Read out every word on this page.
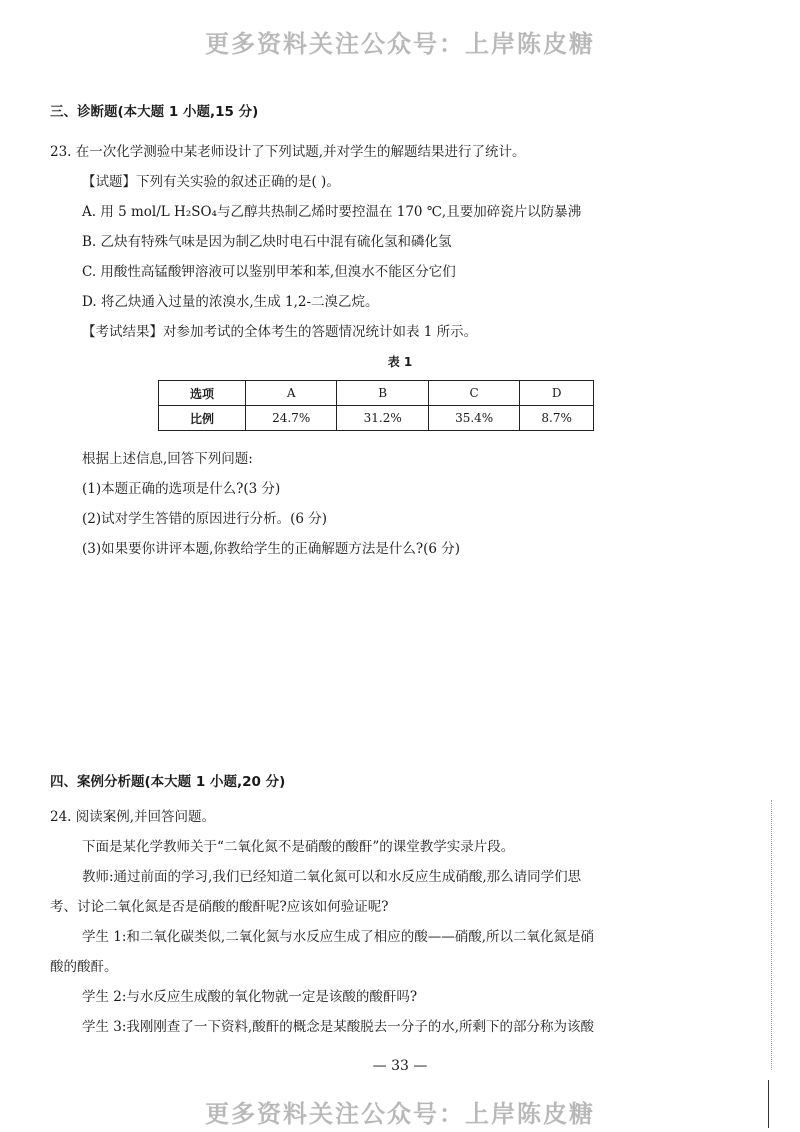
更多资料关注公众号：上岸陈皮糖
三、诊断题(本大题 1 小题,15 分)
23. 在一次化学测验中某老师设计了下列试题,并对学生的解题结果进行了统计。
【试题】下列有关实验的叙述正确的是( )。
A. 用 5 mol/L H₂SO₄与乙醇共热制乙烯时要控温在 170 ℃,且要加碎瓷片以防暴沸
B. 乙炔有特殊气味是因为制乙炔时电石中混有硫化氢和磷化氢
C. 用酸性高锰酸钾溶液可以鉴别甲苯和苯,但溴水不能区分它们
D. 将乙炔通入过量的浓溴水,生成 1,2-二溴乙烷。
【考试结果】对参加考试的全体考生的答题情况统计如表 1 所示。
表 1
选项	A	B	C	D
比例	24.7%	31.2%	35.4%	8.7%
根据上述信息,回答下列问题:
(1)本题正确的选项是什么?(3 分)
(2)试对学生答错的原因进行分析。(6 分)
(3)如果要你讲评本题,你教给学生的正确解题方法是什么?(6 分)
四、案例分析题(本大题 1 小题,20 分)
24. 阅读案例,并回答问题。
下面是某化学教师关于“二氧化氮不是硝酸的酸酐”的课堂教学实录片段。
教师:通过前面的学习,我们已经知道二氧化氮可以和水反应生成硝酸,那么请同学们思
考、讨论二氧化氮是否是硝酸的酸酐呢?应该如何验证呢?
学生 1:和二氧化碳类似,二氧化氮与水反应生成了相应的酸——硝酸,所以二氧化氮是硝
酸的酸酐。
学生 2:与水反应生成酸的氧化物就一定是该酸的酸酐吗?
学生 3:我刚刚查了一下资料,酸酐的概念是某酸脱去一分子的水,所剩下的部分称为该酸
— 33 —
更多资料关注公众号：上岸陈皮糖
